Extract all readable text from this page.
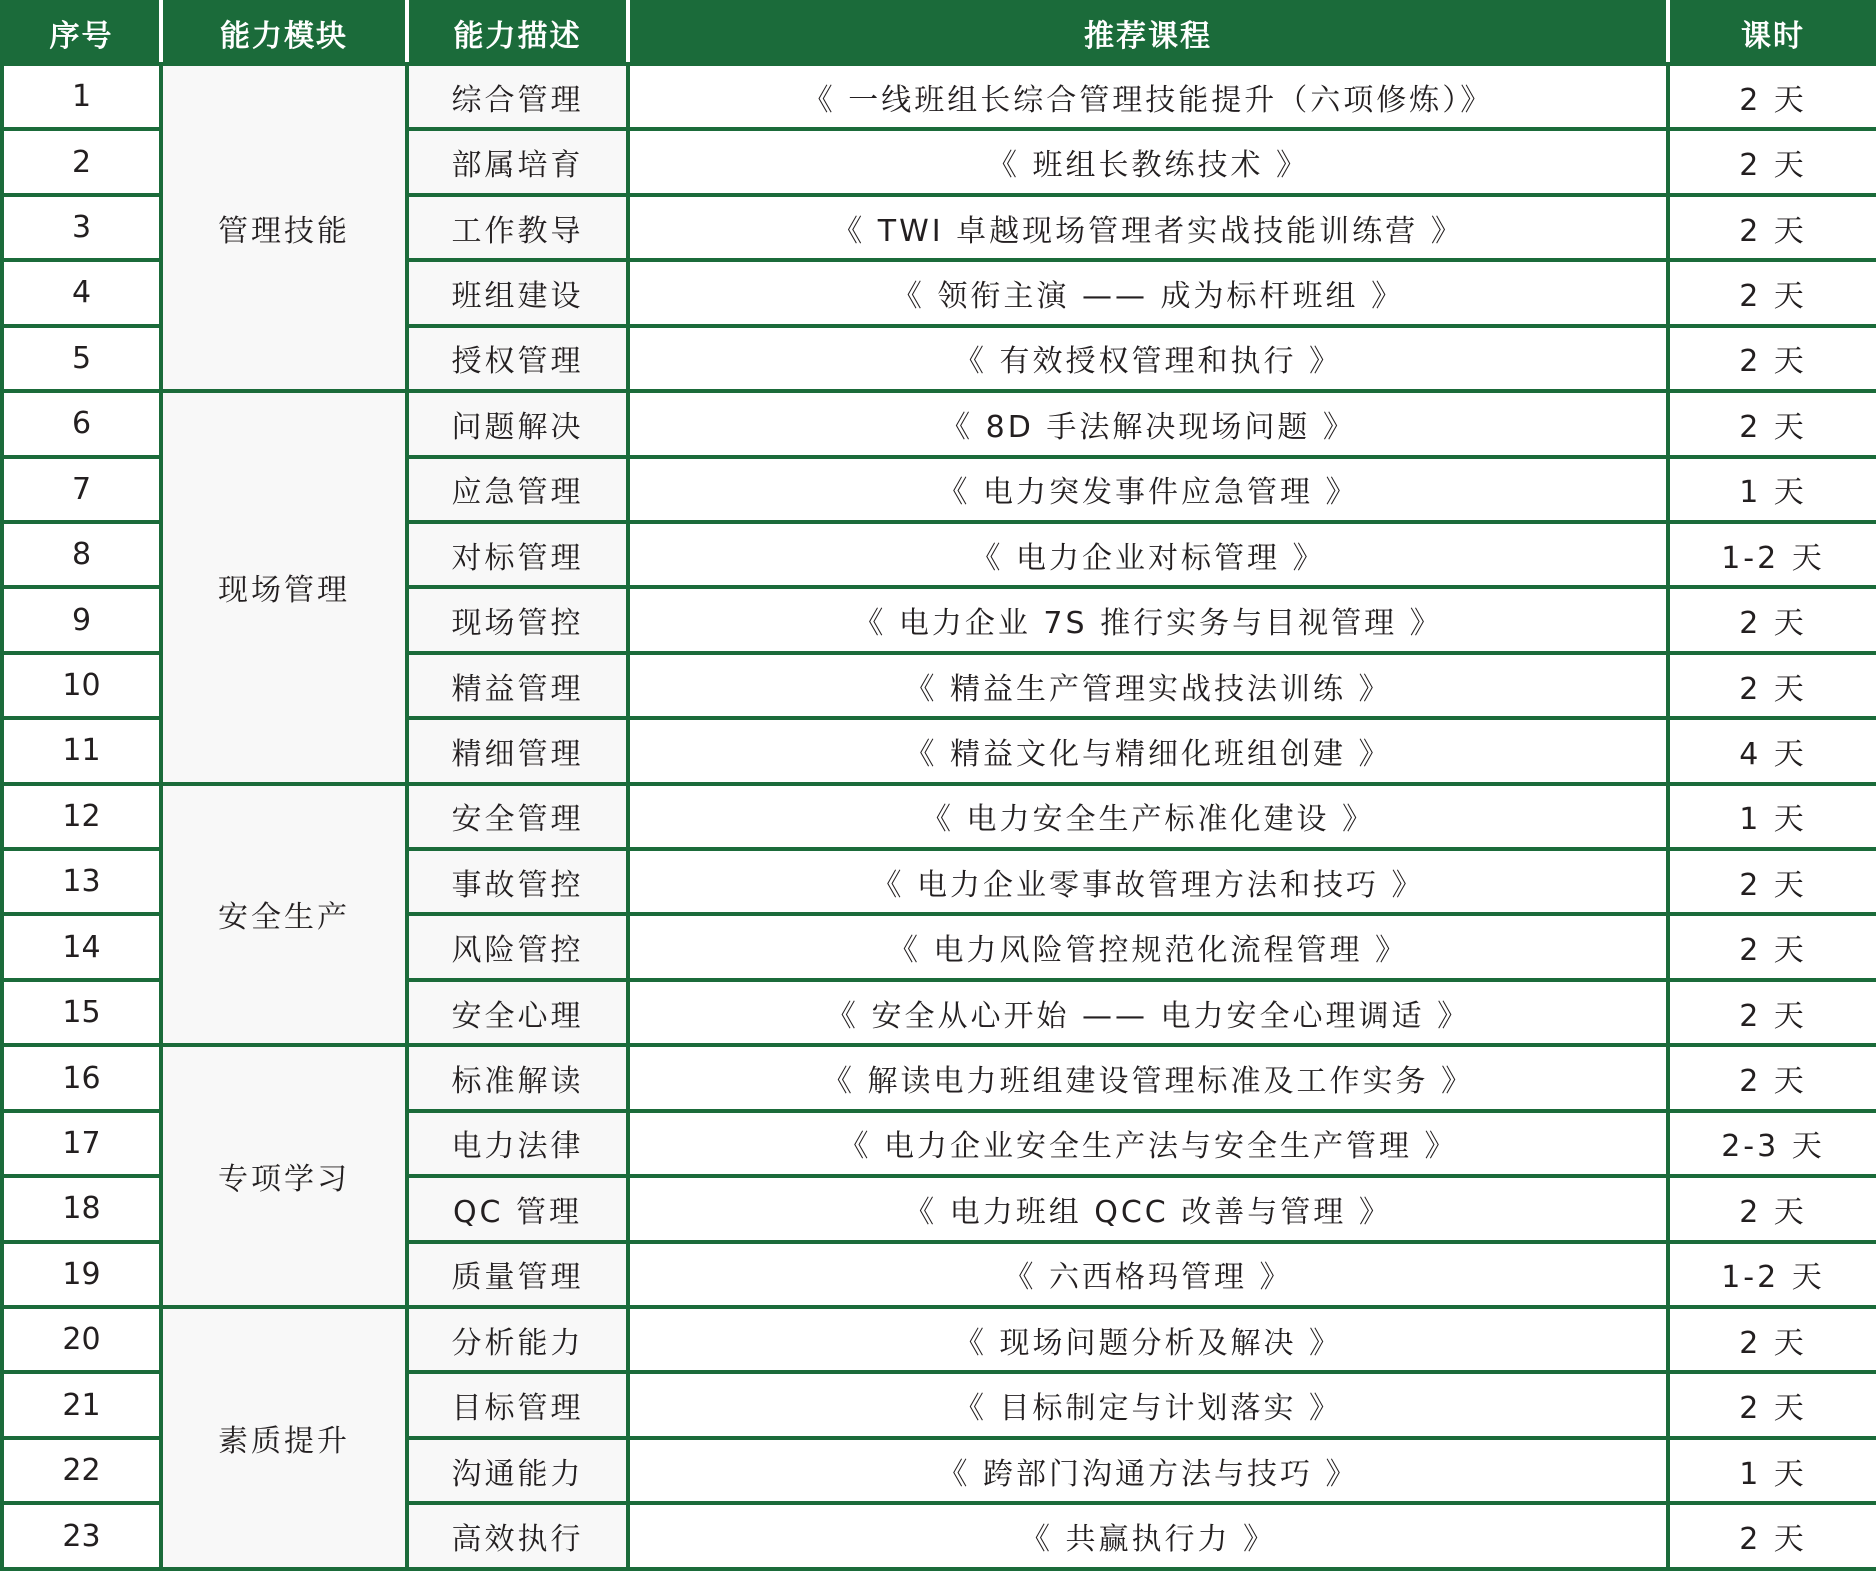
序号	能力模块	能力描述	推荐课程	课时
1	管理技能	综合管理	《 一线班组长综合管理技能提升（六项修炼）》	2 天
2		部属培育	《 班组长教练技术 》	2 天
3		工作教导	《 TWI 卓越现场管理者实战技能训练营 》	2 天
4		班组建设	《 领衔主演 —— 成为标杆班组 》	2 天
5		授权管理	《 有效授权管理和执行 》	2 天
6	现场管理	问题解决	《 8D 手法解决现场问题 》	2 天
7		应急管理	《 电力突发事件应急管理 》	1 天
8		对标管理	《 电力企业对标管理 》	1-2 天
9		现场管控	《 电力企业 7S 推行实务与目视管理 》	2 天
10		精益管理	《 精益生产管理实战技法训练 》	2 天
11		精细管理	《 精益文化与精细化班组创建 》	4 天
12	安全生产	安全管理	《 电力安全生产标准化建设 》	1 天
13		事故管控	《 电力企业零事故管理方法和技巧 》	2 天
14		风险管控	《 电力风险管控规范化流程管理 》	2 天
15		安全心理	《 安全从心开始 —— 电力安全心理调适 》	2 天
16	专项学习	标准解读	《 解读电力班组建设管理标准及工作实务 》	2 天
17		电力法律	《 电力企业安全生产法与安全生产管理 》	2-3 天
18		QC 管理	《 电力班组 QCC 改善与管理 》	2 天
19		质量管理	《 六西格玛管理 》	1-2 天
20	素质提升	分析能力	《 现场问题分析及解决 》	2 天
21		目标管理	《 目标制定与计划落实 》	2 天
22		沟通能力	《 跨部门沟通方法与技巧 》	1 天
23		高效执行	《 共赢执行力 》	2 天
